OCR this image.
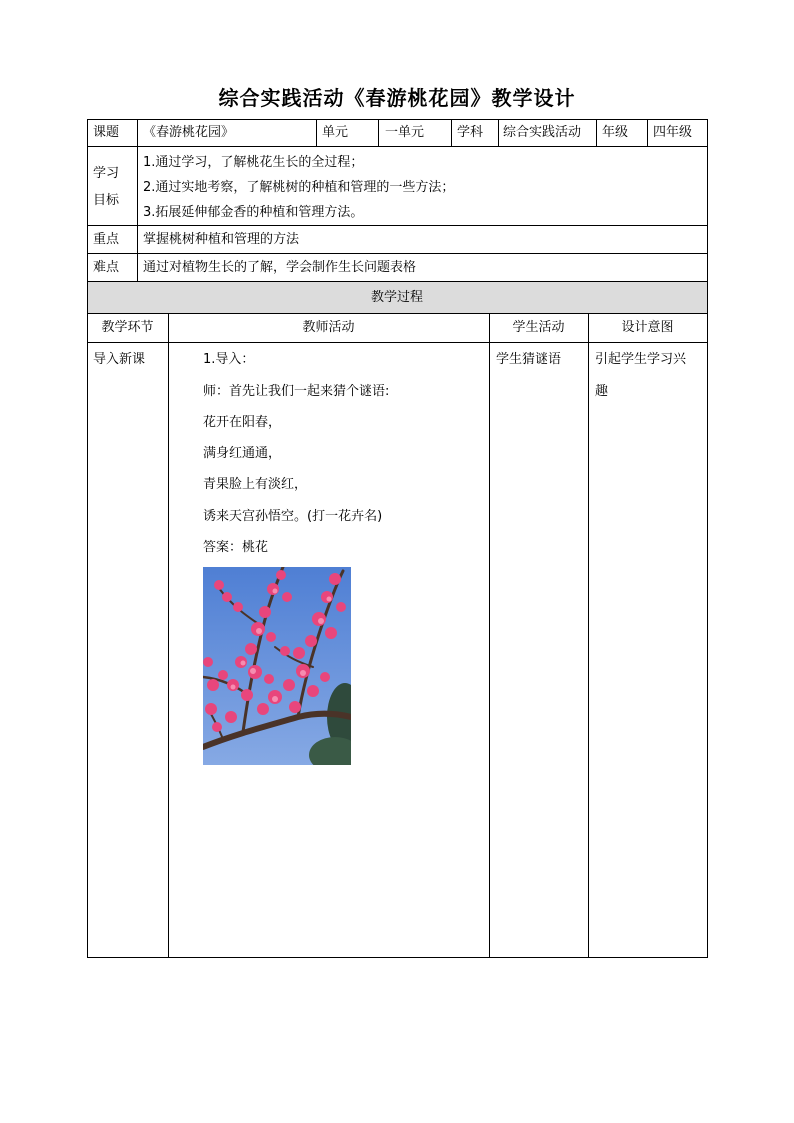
综合实践活动《春游桃花园》教学设计
课题 《春游桃花园》	单元	一单元	学科 综合实践活动 年级 四年级
学习
目标
1.通过学习，了解桃花生长的全过程；
2.通过实地考察，了解桃树的种植和管理的一些方法；
3.拓展延伸郁金香的种植和管理方法。
重点 掌握桃树种植和管理的方法
难点 通过对植物生长的了解，学会制作生长问题表格
教学过程
教学环节	教师活动	学生活动	设计意图
导入新课	1.导入：
师：首先让我们一起来猜个谜语:
花开在阳春，
满身红通通，
青果脸上有淡红，
诱来天宫孙悟空。(打一花卉名)
答案：桃花
学生猜谜语	引起学生学习兴
趣
